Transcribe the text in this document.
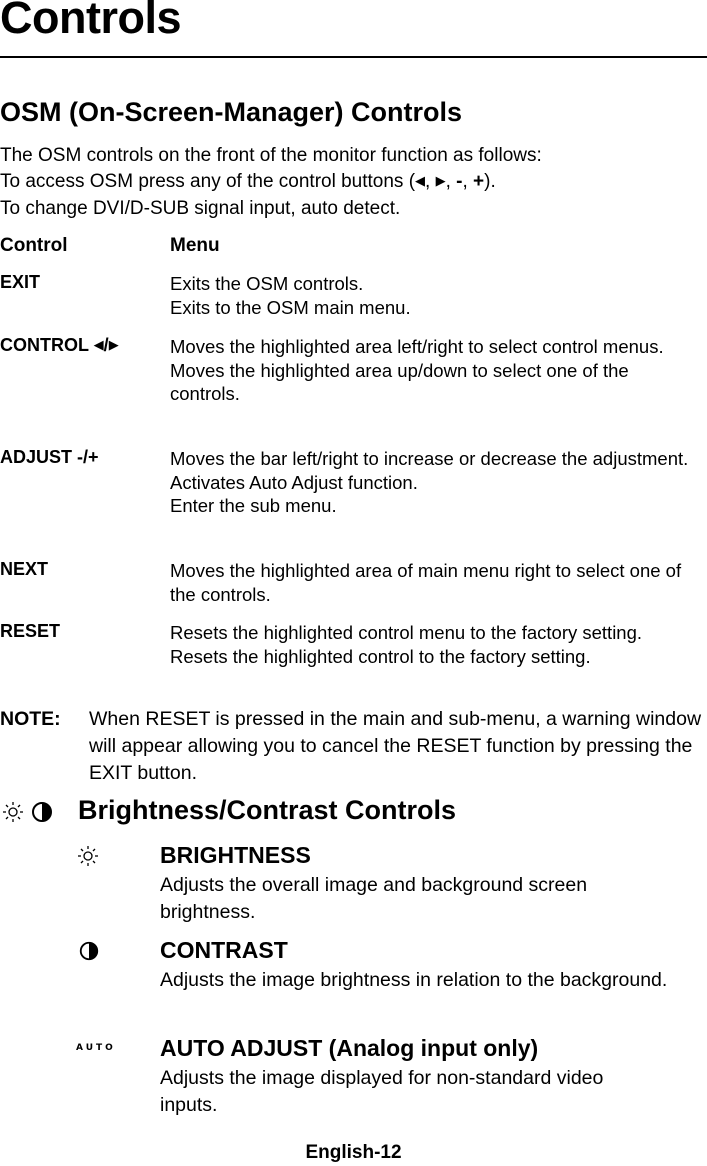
Controls
OSM (On-Screen-Manager) Controls
The OSM controls on the front of the monitor function as follows:
To access OSM press any of the control buttons (◀, ▶, -, +).
To change DVI/D-SUB signal input, auto detect.
Control	Menu
EXIT	Exits the OSM controls.
Exits to the OSM main menu.
CONTROL ◀/▶	Moves the highlighted area left/right to select control menus.
Moves the highlighted area up/down to select one of the controls.
ADJUST -/+	Moves the bar left/right to increase or decrease the adjustment.
Activates Auto Adjust function.
Enter the sub menu.
NEXT	Moves the highlighted area of main menu right to select one of the controls.
RESET	Resets the highlighted control menu to the factory setting.
Resets the highlighted control to the factory setting.
NOTE: When RESET is pressed in the main and sub-menu, a warning window will appear allowing you to cancel the RESET function by pressing the EXIT button.
Brightness/Contrast Controls
BRIGHTNESS
Adjusts the overall image and background screen brightness.
CONTRAST
Adjusts the image brightness in relation to the background.
AUTO AUTO ADJUST (Analog input only)
Adjusts the image displayed for non-standard video inputs.
English-12
